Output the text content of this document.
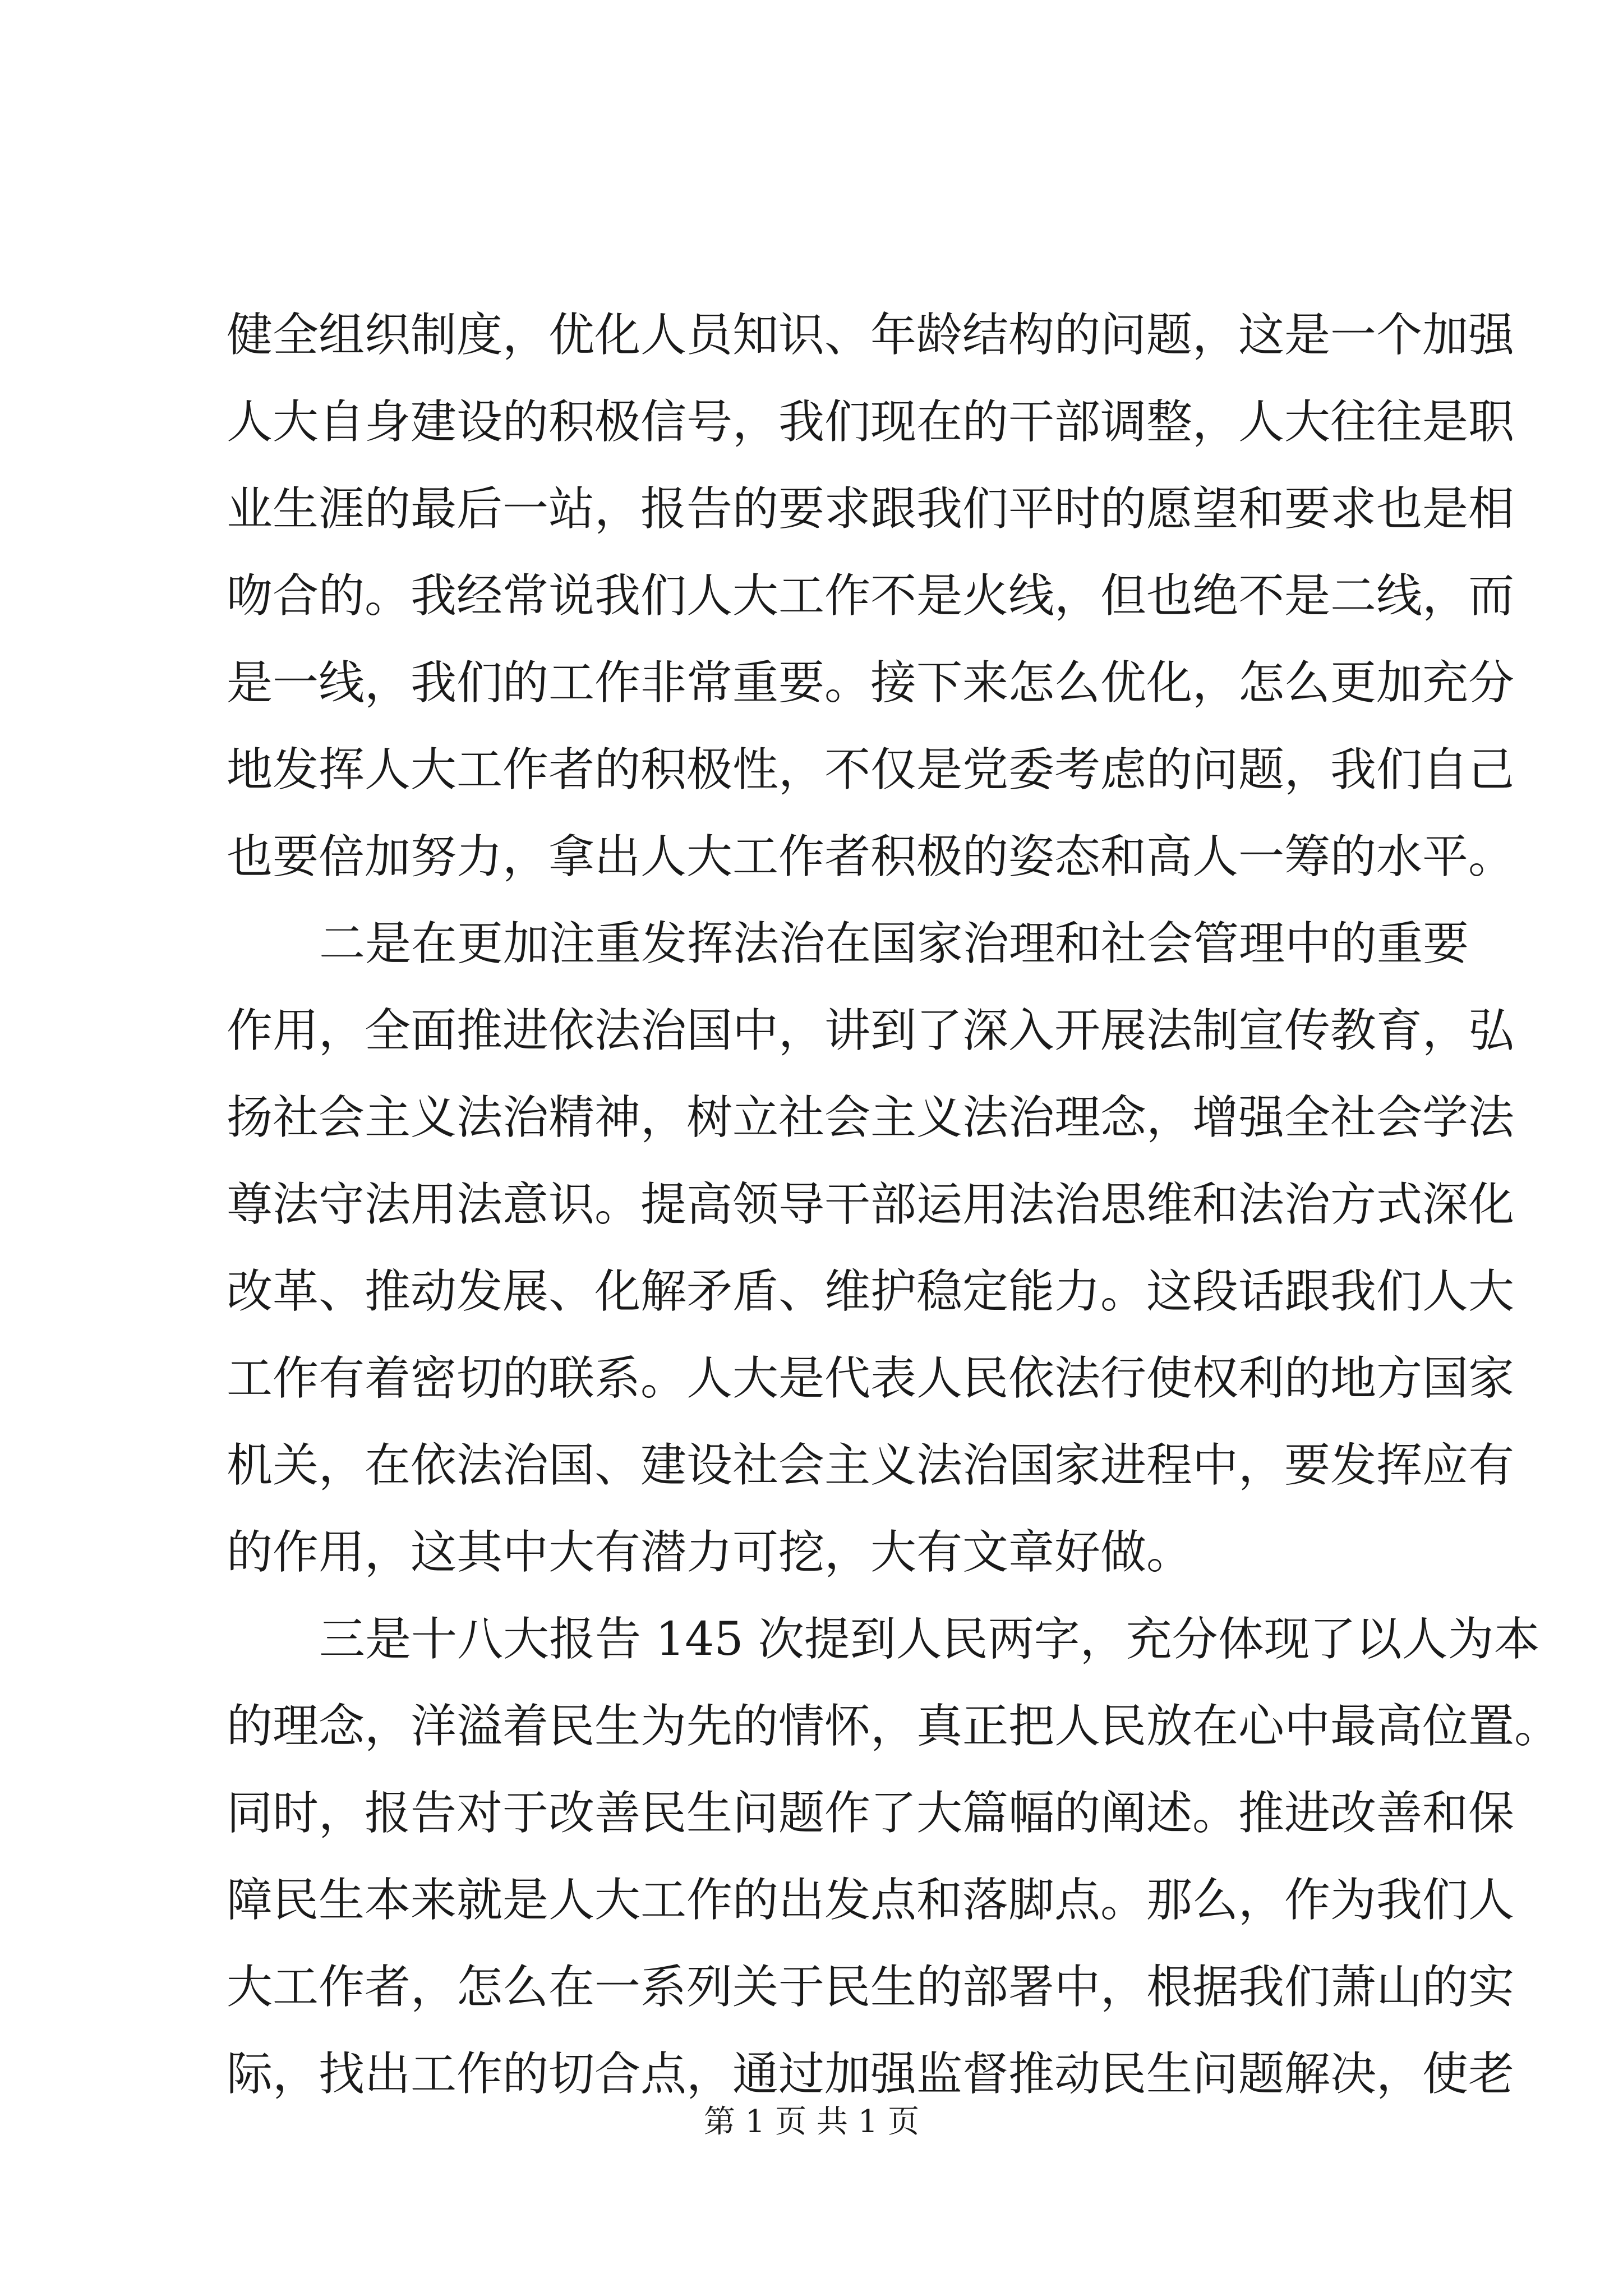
健全组织制度，优化人员知识、年龄结构的问题，这是一个加强
人大自身建设的积极信号，我们现在的干部调整，人大往往是职
业生涯的最后一站，报告的要求跟我们平时的愿望和要求也是相
吻合的。我经常说我们人大工作不是火线，但也绝不是二线，而
是一线，我们的工作非常重要。接下来怎么优化，怎么更加充分
地发挥人大工作者的积极性，不仅是党委考虑的问题，我们自己
也要倍加努力，拿出人大工作者积极的姿态和高人一筹的水平。
二是在更加注重发挥法治在国家治理和社会管理中的重要
作用，全面推进依法治国中，讲到了深入开展法制宣传教育，弘
扬社会主义法治精神，树立社会主义法治理念，增强全社会学法
尊法守法用法意识。提高领导干部运用法治思维和法治方式深化
改革、推动发展、化解矛盾、维护稳定能力。这段话跟我们人大
工作有着密切的联系。人大是代表人民依法行使权利的地方国家
机关，在依法治国、建设社会主义法治国家进程中，要发挥应有
的作用，这其中大有潜力可挖，大有文章好做。
三是十八大报告 145 次提到人民两字，充分体现了以人为本
的理念，洋溢着民生为先的情怀，真正把人民放在心中最高位置。
同时，报告对于改善民生问题作了大篇幅的阐述。推进改善和保
障民生本来就是人大工作的出发点和落脚点。那么，作为我们人
大工作者，怎么在一系列关于民生的部署中，根据我们萧山的实
际，找出工作的切合点，通过加强监督推动民生问题解决，使老
第 1 页 共 1 页
